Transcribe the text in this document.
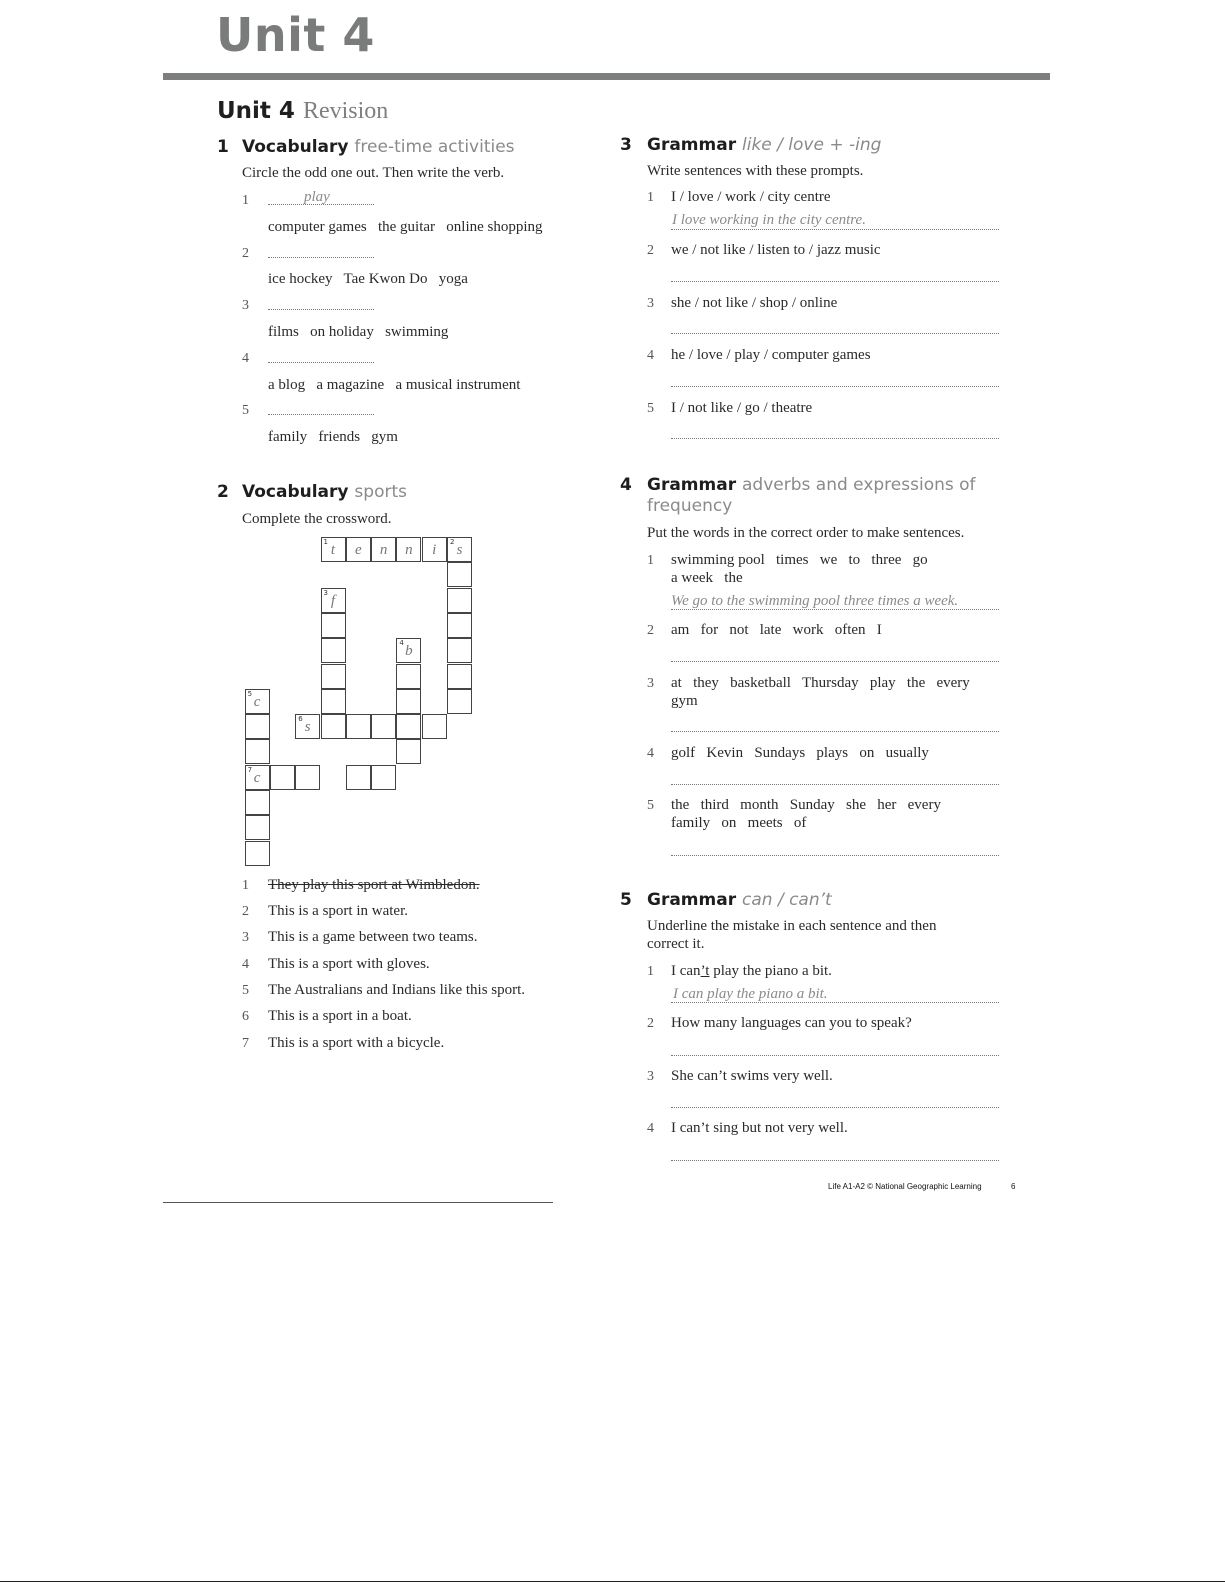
Unit 4
Unit 4 Revision
1 Vocabulary free-time activities
Circle the odd one out. Then write the verb.
1	play
computer games   the guitar   online shopping
2
ice hockey   Tae Kwon Do   yoga
3
films   on holiday   swimming
4
a blog   a magazine   a musical instrument
5
family   friends   gym
2 Vocabulary sports
Complete the crossword.
1 t	e	n	n	i	2 s
3 f
4 b
5 c
7 c
6 s
1 They play this sport at Wimbledon.
2 This is a sport in water.
3 This is a game between two teams.
4 This is a sport with gloves.
5 The Australians and Indians like this sport.
6 This is a sport in a boat.
7 This is a sport with a bicycle.
3 Grammar like / love + -ing
Write sentences with these prompts.
1 I / love / work / city centre
I love working in the city centre.
2 we / not like / listen to / jazz music
3 she / not like / shop / online
4 he / love / play / computer games
5 I / not like / go / theatre
4 Grammar adverbs and expressions of
frequency
Put the words in the correct order to make sentences.
1 swimming pool   times   we   to   three   go
a week   the
We go to the swimming pool three times a week.
2 am   for   not   late   work   often   I
3 at   they   basketball   Thursday   play   the   every
gym
4 golf   Kevin   Sundays   plays   on   usually
5 the   third   month   Sunday   she   her   every
family   on   meets   of
5 Grammar can / can’t
Underline the mistake in each sentence and then
correct it.
1 I can’t play the piano a bit.
I can play the piano a bit.
2 How many languages can you to speak?
3 She can’t swims very well.
4 I can’t sing but not very well.
Life A1-A2 © National Geographic Learning	6
